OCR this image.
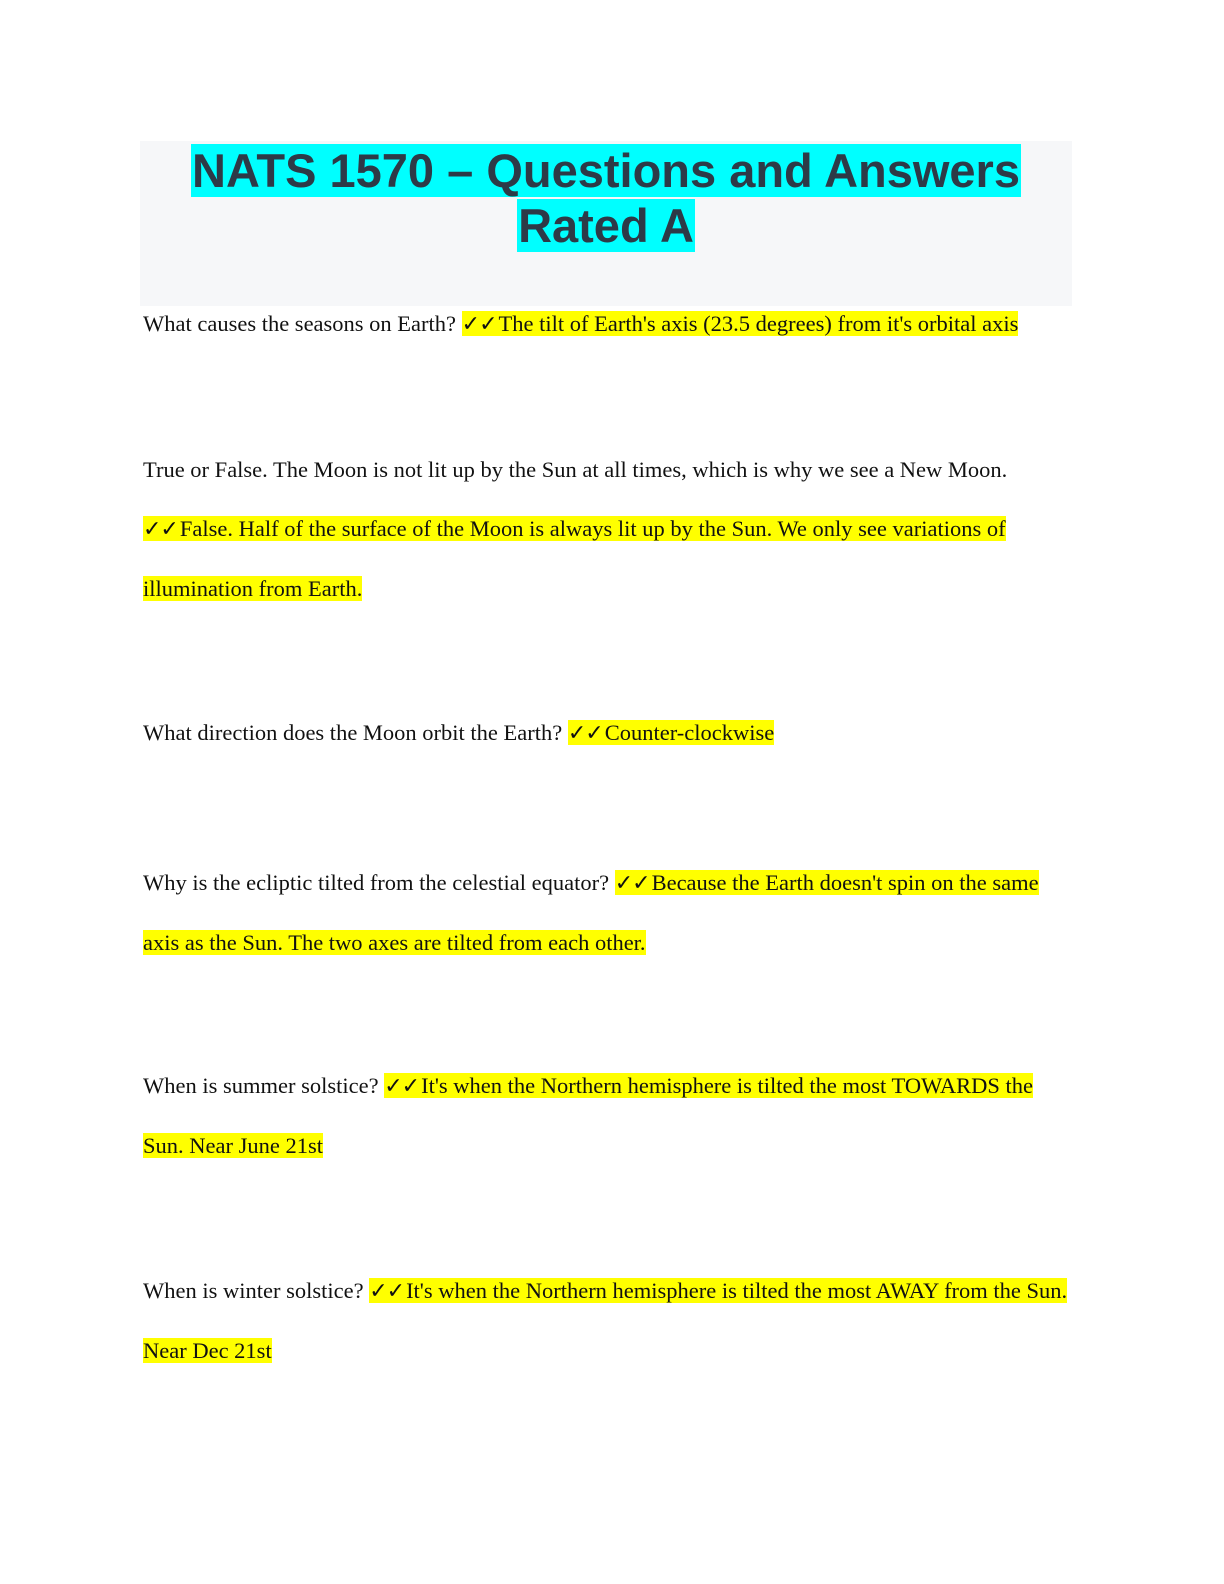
NATS 1570 – Questions and Answers
Rated A
What causes the seasons on Earth? ✓✓The tilt of Earth's axis (23.5 degrees) from it's orbital axis
True or False. The Moon is not lit up by the Sun at all times, which is why we see a New Moon. ✓✓False. Half of the surface of the Moon is always lit up by the Sun. We only see variations of illumination from Earth.
What direction does the Moon orbit the Earth? ✓✓Counter-clockwise
Why is the ecliptic tilted from the celestial equator? ✓✓Because the Earth doesn't spin on the same axis as the Sun. The two axes are tilted from each other.
When is summer solstice? ✓✓It's when the Northern hemisphere is tilted the most TOWARDS the Sun. Near June 21st
When is winter solstice? ✓✓It's when the Northern hemisphere is tilted the most AWAY from the Sun. Near Dec 21st
